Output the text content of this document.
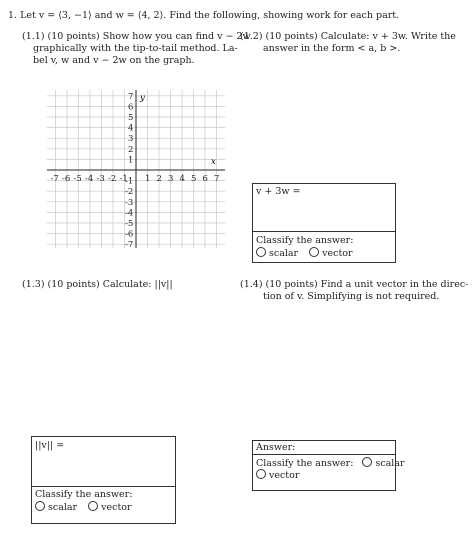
1. Let v = ⟨3, −1⟩ and w = ⟨4, 2⟩. Find the following, showing work for each part.
(1.1) (10 points) Show how you can find v − 2w
graphically with the tip-to-tail method. La-
bel v, w and v − 2w on the graph.
(1.2) (10 points) Calculate: v + 3w. Write the
answer in the form < a, b >.
-7 -6 -5 -4 -3 -2 -1 1 2 3 4 5 6 7
7
6
5
4
3
2
1
-1
-2
-3
-4
-5
-6
-7
x
y
v + 3w =
Classify the answer:
scalar	vector
(1.3) (10 points) Calculate: ||v||	(1.4) (10 points) Find a unit vector in the direc-
tion of v. Simplifying is not required.
||v|| =
Classify the answer:
scalar	vector
Answer:
Classify the answer: scalar
vector
